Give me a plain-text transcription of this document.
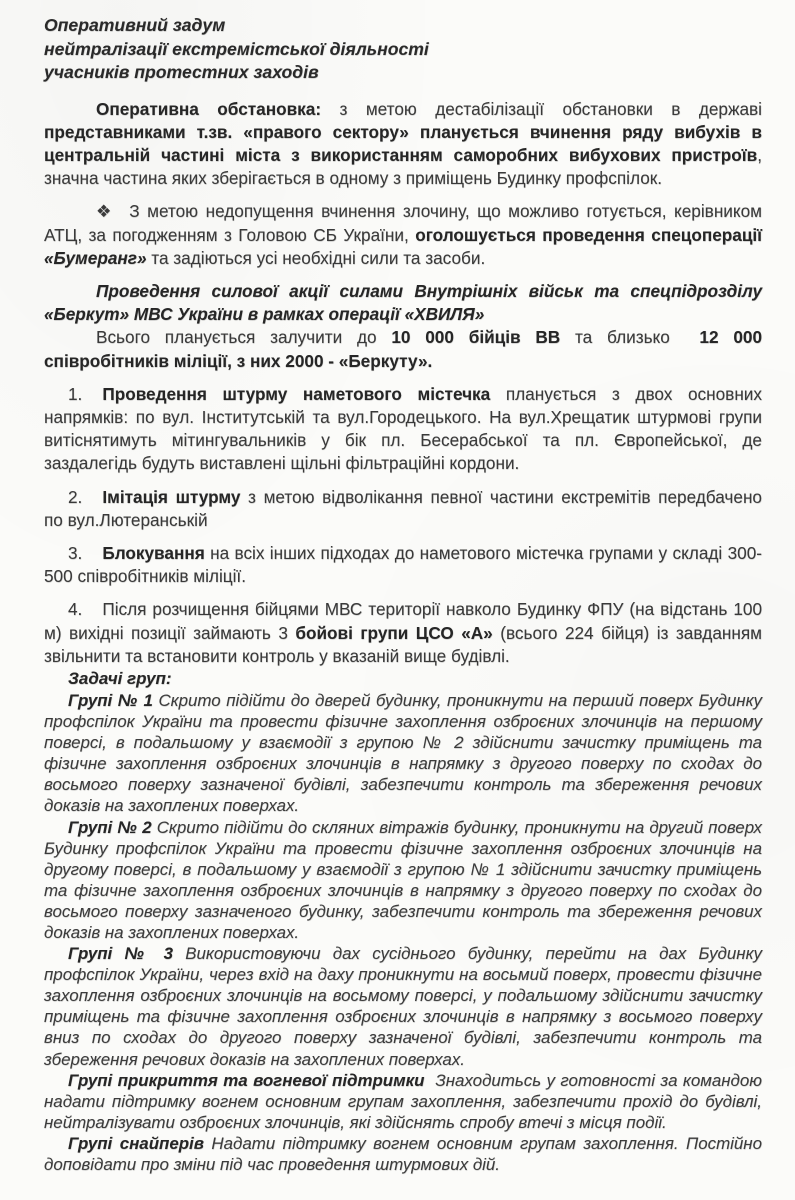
Оперативний задум
нейтралізації екстремістської діяльності
учасників протестних заходів

Оперативна обстановка: з метою дестабілізації обстановки в державі представниками т.зв. «правого сектору» планується вчинення ряду вибухів в центральній частині міста з використанням саморобних вибухових пристроїв, значна частина яких зберігається в одному з приміщень Будинку профспілок.

❖  З метою недопущення вчинення злочину, що можливо готується, керівником АТЦ, за погодженням з Головою СБ України, оголошується проведення спецоперації «Бумеранг» та задіються усі необхідні сили та засоби.

Проведення силової акції силами Внутрішніх військ та спецпідрозділу «Беркут» МВС України в рамках операції «ХВИЛЯ»

Всього планується залучити до 10 000 бійців ВВ та близько  12 000 співробітників міліції, з них 2000 - «Беркуту».

1. Проведення штурму наметового містечка планується з двох основних напрямків: по вул. Інститутській та вул.Городецького. На вул.Хрещатик штурмові групи витіснятимуть мітингувальників у бік пл. Бесерабської та пл. Європейської, де заздалегідь будуть виставлені щільні фільтраційні кордони.

2. Імітація штурму з метою відволікання певної частини екстремітів передбачено по вул.Лютеранській

3. Блокування на всіх інших підходах до наметового містечка групами у складі 300-500 співробітників міліції.

4. Після розчищення бійцями МВС території навколо Будинку ФПУ (на відстань 100 м) вихідні позиції займають 3 бойові групи ЦСО «А» (всього 224 бійця) із завданням звільнити та встановити контроль у вказаній вище будівлі.

Задачі груп:

Групі № 1 Скрито підійти до дверей будинку, проникнути на перший поверх Будинку профспілок України та провести фізичне захоплення озброєних злочинців на першому поверсі, в подальшому у взаємодії з групою № 2 здійснити зачистку приміщень та фізичне захоплення озброєних злочинців в напрямку з другого поверху по сходах до восьмого поверху зазначеної будівлі, забезпечити контроль та збереження речових доказів на захоплених поверхах.

Групі № 2 Скрито підійти до скляних вітражів будинку, проникнути на другий поверх Будинку профспілок України та провести фізичне захоплення озброєних злочинців на другому поверсі, в подальшому у взаємодії з групою № 1 здійснити зачистку приміщень та фізичне захоплення озброєних злочинців в напрямку з другого поверху по сходах до восьмого поверху зазначеного будинку, забезпечити контроль та збереження речових доказів на захоплених поверхах.

Групі № 3 Використовуючи дах сусіднього будинку, перейти на дах Будинку профспілок України, через вхід на даху проникнути на восьмий поверх, провести фізичне захоплення озброєних злочинців на восьмому поверсі, у подальшому здійснити зачистку приміщень та фізичне захоплення озброєних злочинців в напрямку з восьмого поверху вниз по сходах до другого поверху зазначеної будівлі, забезпечити контроль та збереження речових доказів на захоплених поверхах.

Групі прикриття та вогневої підтримки  Знаходитьсь у готовності за командою надати підтримку вогнем основним групам захоплення, забезпечити прохід до будівлі, нейтралізувати озброєних злочинців, які здійснять спробу втечі з місця події.

Групі снайперів Надати підтримку вогнем основним групам захоплення. Постійно доповідати про зміни під час проведення штурмових дій.
